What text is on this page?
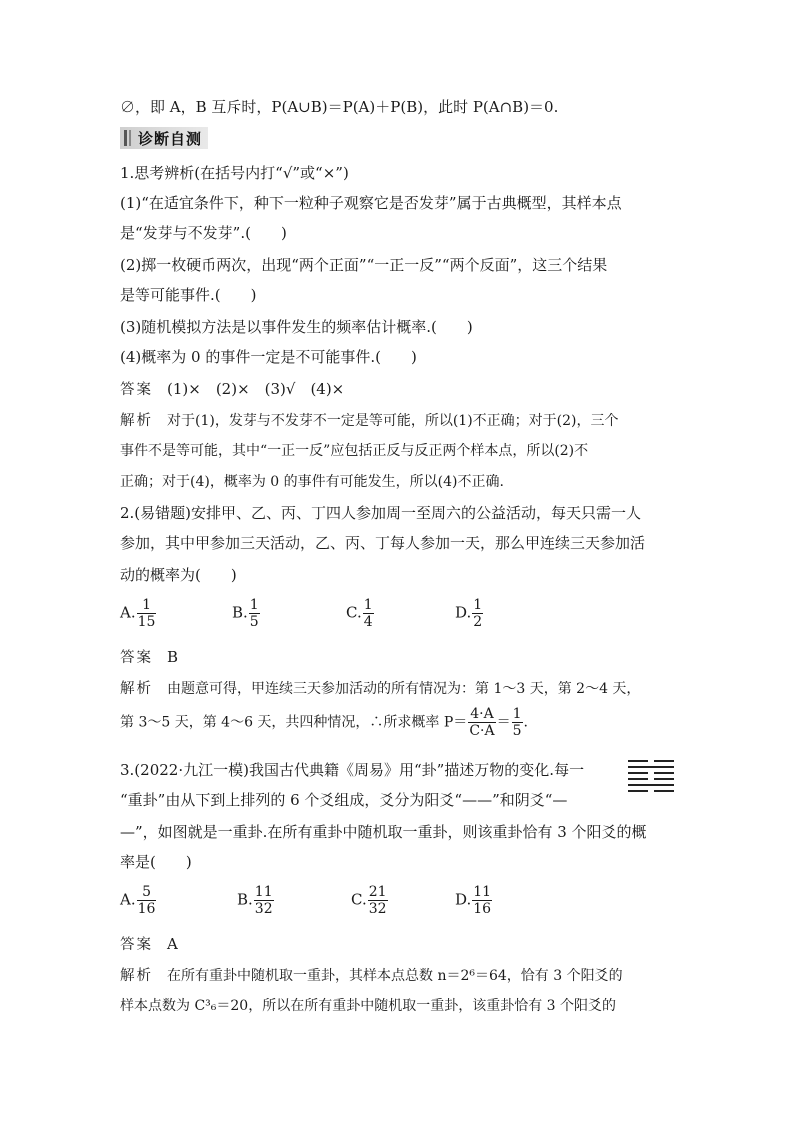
∅，即 A，B 互斥时，P(A∪B)＝P(A)＋P(B)，此时 P(A∩B)＝0.
诊断自测
1.思考辨析(在括号内打“√”或“×”)
(1)“在适宜条件下，种下一粒种子观察它是否发芽”属于古典概型，其样本点
是“发芽与不发芽”.(　　)
(2)掷一枚硬币两次，出现“两个正面”“一正一反”“两个反面”，这三个结果
是等可能事件.(　　)
(3)随机模拟方法是以事件发生的频率估计概率.(　　)
(4)概率为 0 的事件一定是不可能事件.(　　)
答案 (1)×　(2)×　(3)√　(4)×
解析 对于(1)，发芽与不发芽不一定是等可能，所以(1)不正确；对于(2)，三个
事件不是等可能，其中“一正一反”应包括正反与反正两个样本点，所以(2)不
正确；对于(4)，概率为 0 的事件有可能发生，所以(4)不正确.
2.(易错题)安排甲、乙、丙、丁四人参加周一至周六的公益活动，每天只需一人
参加，其中甲参加三天活动，乙、丙、丁每人参加一天，那么甲连续三天参加活
动的概率为(　　)
A. $\frac{1}{15}$	B. $\frac{1}{5}$	C. $\frac{1}{4}$	D. $\frac{1}{2}$
答案 B
解析 由题意可得，甲连续三天参加活动的所有情况为：第 1～3 天，第 2～4 天，
第 3～5 天，第 4～6 天，共四种情况，∴所求概率 $P= \frac{4\cdot A}{C\cdot A} = \frac{1}{5}$ .
3.(2022·九江一模)我国古代典籍《周易》用“卦”描述万物的变化.每一
“重卦”由从下到上排列的 6 个爻组成，爻分为阳爻“——”和阴爻“—
—”，如图就是一重卦.在所有重卦中随机取一重卦，则该重卦恰有 3 个阳爻的概
率是(　　)
A. $\frac{5}{16}$	B. $\frac{11}{32}$	C. $\frac{21}{32}$	D. $\frac{11}{16}$
答案 A
解析 在所有重卦中随机取一重卦，其样本点总数 n＝2⁶＝64，恰有 3 个阳爻的
样本点数为 C³₆＝20，所以在所有重卦中随机取一重卦，该重卦恰有 3 个阳爻的
